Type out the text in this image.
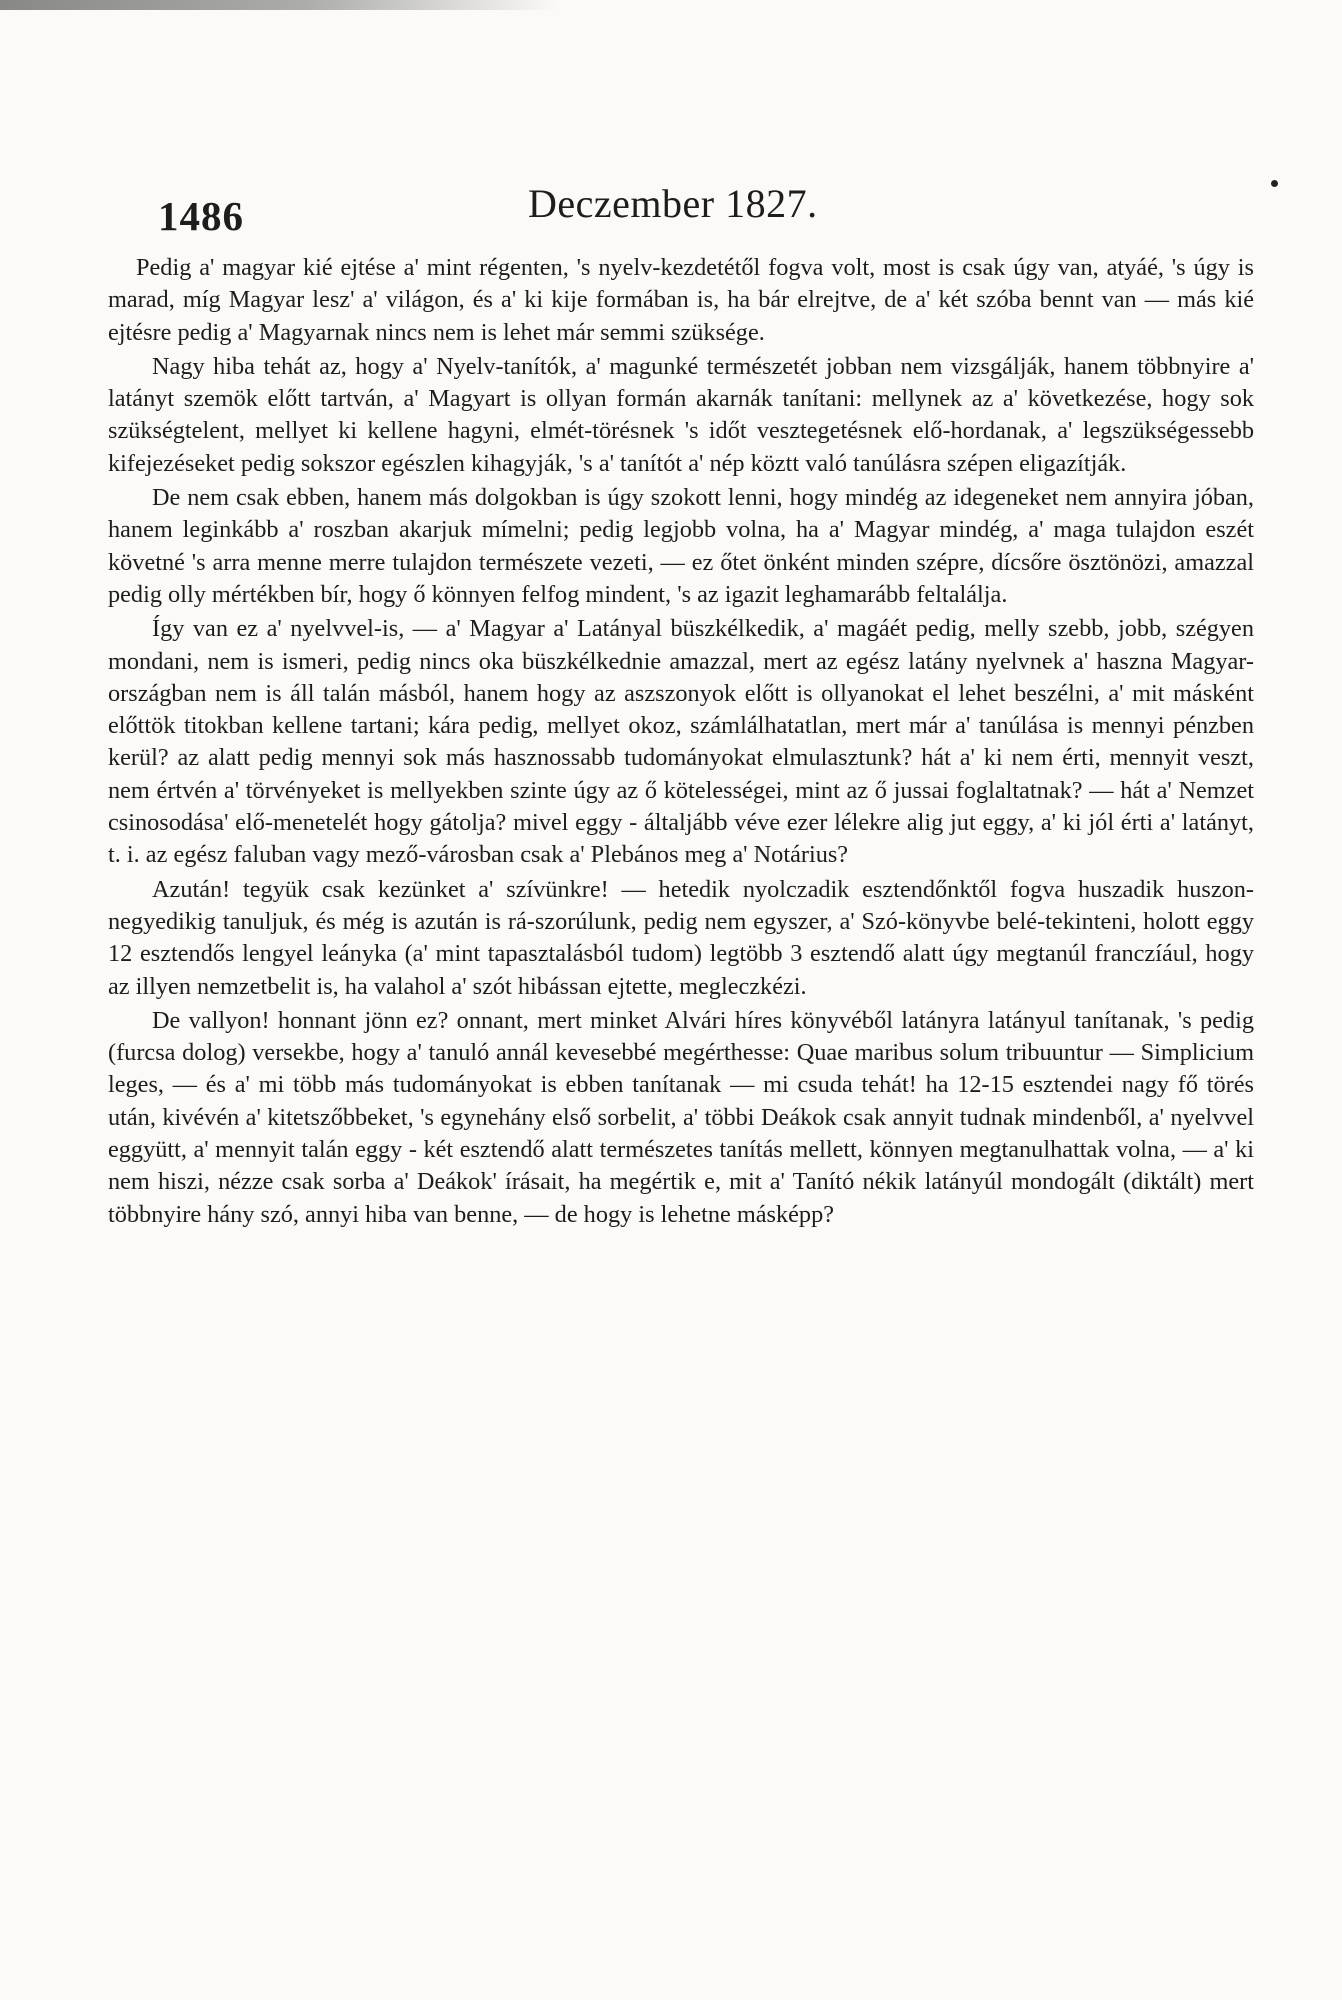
1486	Deczember 1827.

Pedig a' magyar kié ejtése a' mint régenten, 's nyelv-kezdetétől fogva volt, most is csak úgy van, atyáé, 's úgy is marad, míg Magyar lesz' a' világon, és a' ki kije formában is, ha bár elrejtve, de a' két szóba bennt van — más kié ejtésre pedig a' Magyarnak nincs nem is lehet már semmi szüksége.

Nagy hiba tehát az, hogy a' Nyelv-tanítók, a' magunké természetét jobban nem vizsgálják, hanem többnyire a' latányt szemök előtt tartván, a' Magyart is ollyan formán akarnák tanítani: mellynek az a' következése, hogy sok szükségtelent, mellyet ki kellene hagyni, elmét-törésnek 's időt vesztegetésnek elő-hordanak, a' legszükségessebb kifejezéseket pedig sokszor egészlen kihagyják, 's a' tanítót a' nép köztt való tanúlásra szépen eligazítják.

De nem csak ebben, hanem más dolgokban is úgy szokott lenni, hogy mindég az idegeneket nem annyira jóban, hanem leginkább a' roszban akarjuk mímelni; pedig legjobb volna, ha a' Magyar mindég, a' maga tulajdon eszét követné 's arra menne merre tulajdon természete vezeti, — ez őtet önként minden szépre, dícsőre ösztönözi, amazzal pedig olly mértékben bír, hogy ő könnyen felfog mindent, 's az igazit leghamarább feltalálja.

Így van ez a' nyelvvel-is, — a' Magyar a' Latányal büszkélkedik, a' magáét pedig, melly szebb, jobb, szégyen mondani, nem is ismeri, pedig nincs oka büszkélkednie amazzal, mert az egész latány nyelvnek a' haszna Magyar-országban nem is áll talán másból, hanem hogy az aszszonyok előtt is ollyanokat el lehet beszélni, a' mit másként előttök titokban kellene tartani; kára pedig, mellyet okoz, számlálhatatlan, mert már a' tanúlása is mennyi pénzben kerül? az alatt pedig mennyi sok más hasznossabb tudományokat elmulasztunk? hát a' ki nem érti, mennyit veszt, nem értvén a' törvényeket is mellyekben szinte úgy az ő kötelességei, mint az ő jussai foglaltatnak? — hát a' Nemzet csinosodása' elő-menetelét hogy gátolja? mivel eggy - általjább véve ezer lélekre alig jut eggy, a' ki jól érti a' latányt, t. i. az egész faluban vagy mező-városban csak a' Plebános meg a' Notárius?

Azután! tegyük csak kezünket a' szívünkre! — hetedik nyolczadik esztendőnktől fogva huszadik huszon-negyedikig tanuljuk, és még is azután is rá-szorúlunk, pedig nem egyszer, a' Szó-könyvbe belé-tekinteni, holott eggy 12 esztendős lengyel leányka (a' mint tapasztalásból tudom) legtöbb 3 esztendő alatt úgy megtanúl franczíául, hogy az illyen nemzetbelit is, ha valahol a' szót hibássan ejtette, megleczkézi.

De vallyon! honnant jönn ez? onnant, mert minket Alvári híres könyvéből latányra latányul tanítanak, 's pedig (furcsa dolog) versekbe, hogy a' tanuló annál kevesebbé megérthesse: Quae maribus solum tribuuntur — Simplicium leges, — és a' mi több más tudományokat is ebben tanítanak — mi csuda tehát! ha 12-15 esztendei nagy fő törés után, kivévén a' kitetszőbbeket, 's egynehány első sorbelit, a' többi Deákok csak annyit tudnak mindenből, a' nyelvvel eggyütt, a' mennyit talán eggy - két esztendő alatt természetes tanítás mellett, könnyen megtanulhattak volna, — a' ki nem hiszi, nézze csak sorba a' Deákok' írásait, ha megértik e, mit a' Tanító nékik latányúl mondogált (diktált) mert többnyire hány szó, annyi hiba van benne, — de hogy is lehetne másképp?
